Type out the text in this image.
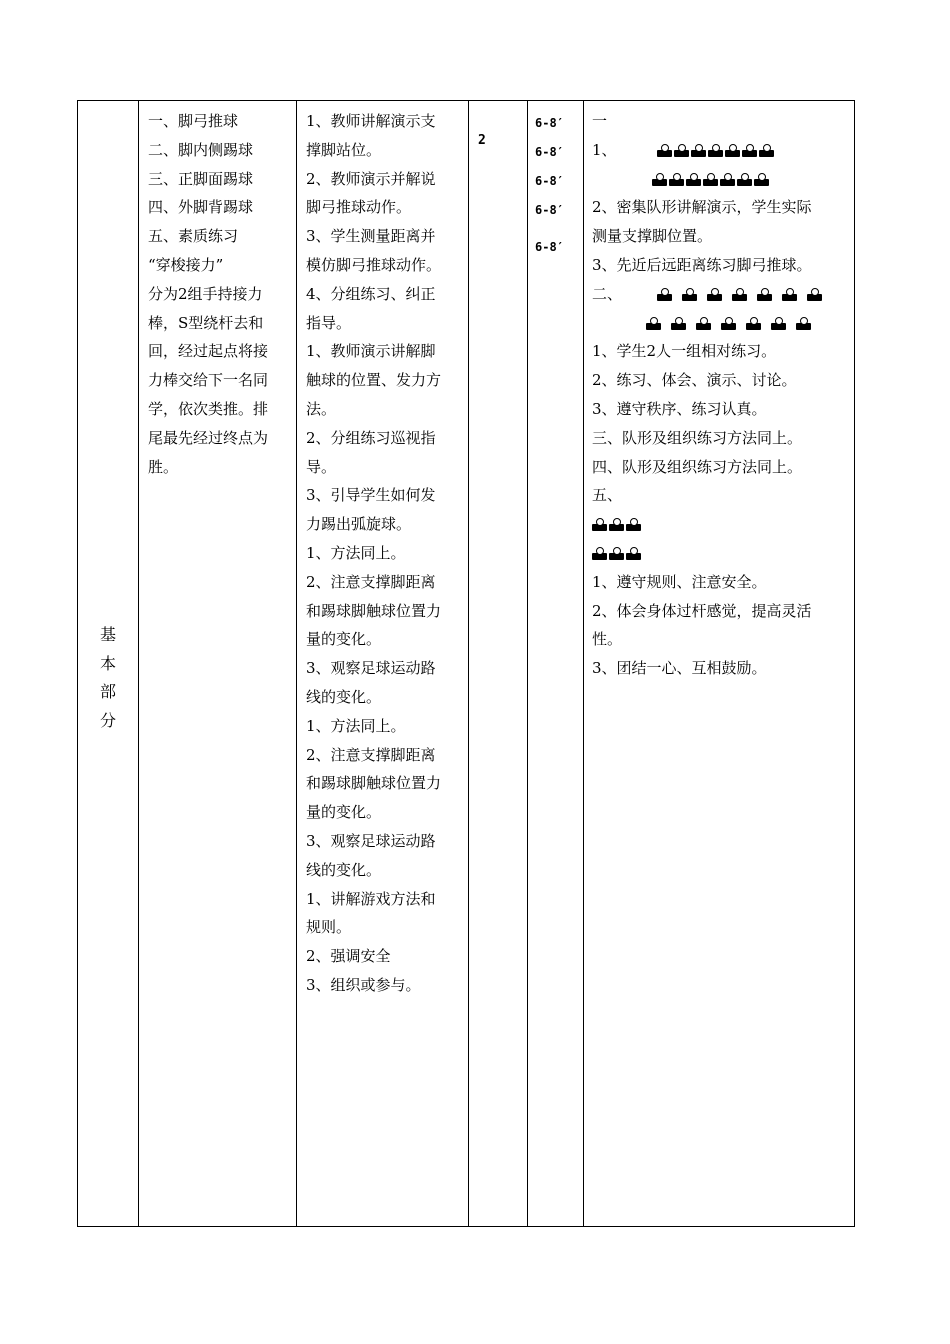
基
本
部
分
一、脚弓推球
二、脚内侧踢球
三、正脚面踢球
四、外脚背踢球
五、素质练习
“穿梭接力”
分为2组手持接力
棒，S型绕杆去和
回，经过起点将接
力棒交给下一名同
学，依次类推。排
尾最先经过终点为
胜。
1、教师讲解演示支
撑脚站位。
2、教师演示并解说
脚弓推球动作。
3、学生测量距离并
模仿脚弓推球动作。
4、分组练习、纠正
指导。
1、教师演示讲解脚
触球的位置、发力方
法。
2、分组练习巡视指
导。
3、引导学生如何发
力踢出弧旋球。
1、方法同上。
2、注意支撑脚距离
和踢球脚触球位置力
量的变化。
3、观察足球运动路
线的变化。
1、方法同上。
2、注意支撑脚距离
和踢球脚触球位置力
量的变化。
3、观察足球运动路
线的变化。
1、讲解游戏方法和
规则。
2、强调安全
3、组织或参与。
2
6-8′
6-8′
6-8′
6-8′
6-8′
一
1、
2、密集队形讲解演示，学生实际
测量支撑脚位置。
3、先近后远距离练习脚弓推球。
二、
1、学生2人一组相对练习。
2、练习、体会、演示、讨论。
3、遵守秩序、练习认真。
三、队形及组织练习方法同上。
四、队形及组织练习方法同上。
五、
1、遵守规则、注意安全。
2、体会身体过杆感觉，提高灵活
性。
3、团结一心、互相鼓励。
